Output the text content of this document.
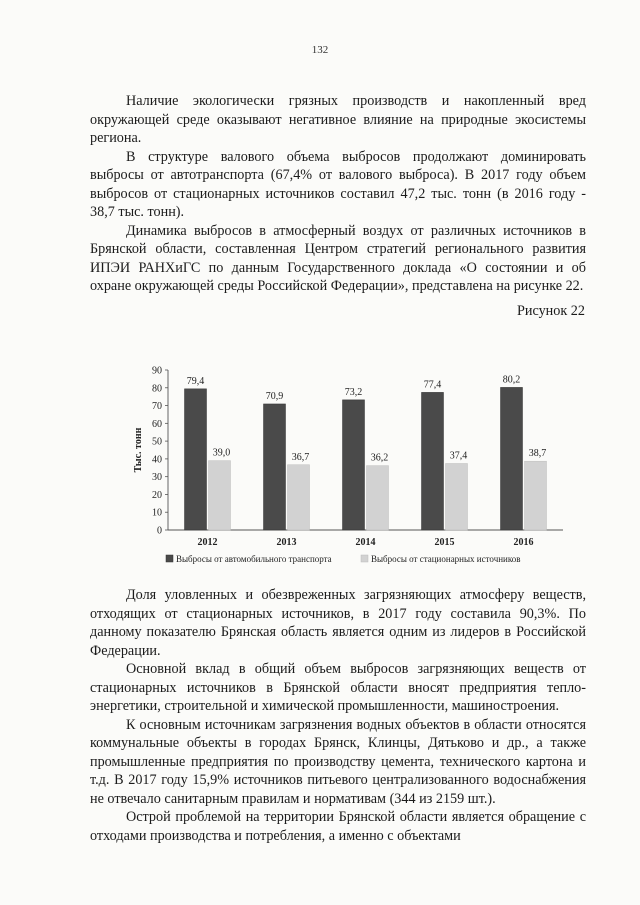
132

Наличие экологически грязных производств и накопленный вред окружающей среде оказывают негативное влияние на природные экосистемы региона.

В структуре валового объема выбросов продолжают доминировать выбросы от автотранспорта (67,4% от валового выброса). В 2017 году объем выбросов от стационарных источников составил 47,2 тыс. тонн (в 2016 году - 38,7 тыс. тонн).

Динамика выбросов в атмосферный воздух от различных источников в Брянской области, составленная Центром стратегий регионального развития ИПЭИ РАНХиГС по данным Государственного доклада «О состоянии и об охране окружающей среды Российской Федерации», представлена на рисунке 22.

Рисунок 22
Тыс. тонн
0
10
20
30
40
50
60
70
80
90
79,4
39,0
2012
70,9
36,7
2013
73,2
36,2
2014
77,4
37,4
2015
80,2
38,7
2016
Выбросы от автомобильного транспорта	Выбросы от стационарных источников

Доля уловленных и обезвреженных загрязняющих атмосферу веществ, отходящих от стационарных источников, в 2017 году составила 90,3%. По данному показателю Брянская область является одним из лидеров в Российской Федерации.

Основной вклад в общий объем выбросов загрязняющих веществ от стационарных источников в Брянской области вносят предприятия тепло-энергетики, строительной и химической промышленности, машиностроения.

К основным источникам загрязнения водных объектов в области относятся коммунальные объекты в городах Брянск, Клинцы, Дятьково и др., а также промышленные предприятия по производству цемента, технического картона и т.д. В 2017 году 15,9% источников питьевого централизованного водоснабжения не отвечало санитарным правилам и нормативам (344 из 2159 шт.).

Острой проблемой на территории Брянской области является обращение с отходами производства и потребления, а именно с объектами
